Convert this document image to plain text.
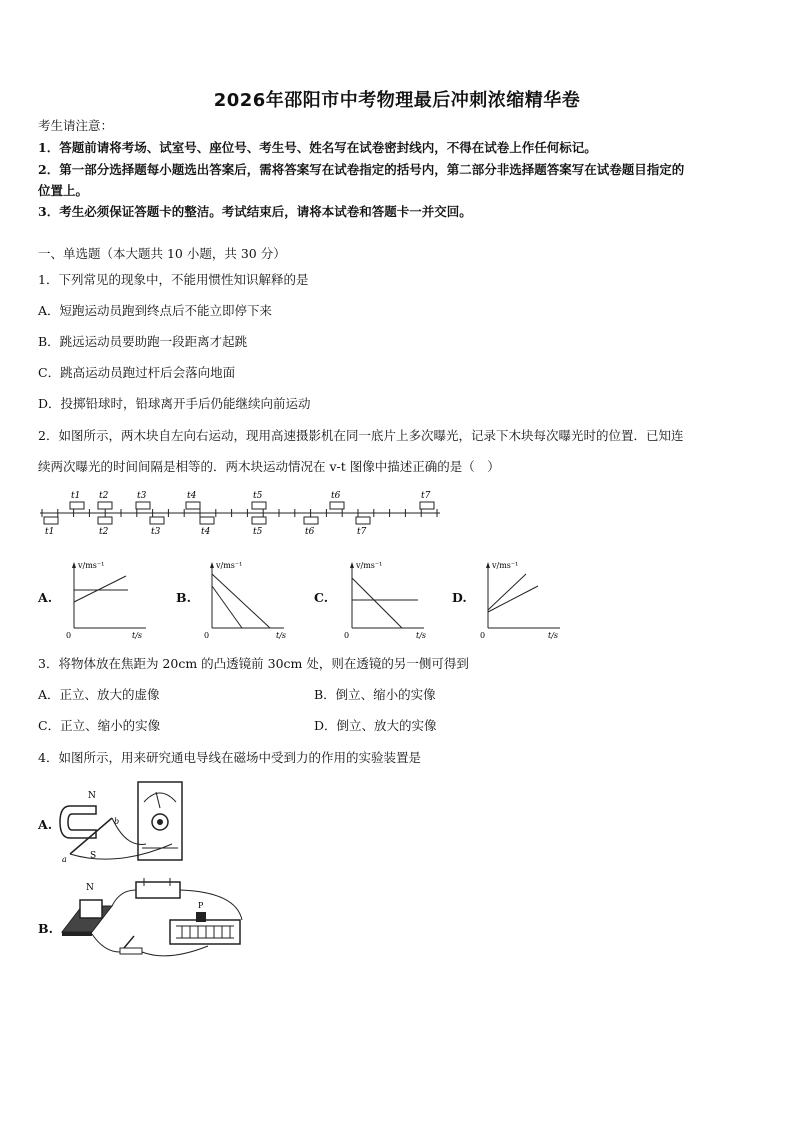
2026年邵阳市中考物理最后冲刺浓缩精华卷
考生请注意：
1．答题前请将考场、试室号、座位号、考生号、姓名写在试卷密封线内，不得在试卷上作任何标记。
2．第一部分选择题每小题选出答案后，需将答案写在试卷指定的括号内，第二部分非选择题答案写在试卷题目指定的
位置上。
3．考生必须保证答题卡的整洁。考试结束后，请将本试卷和答题卡一并交回。
一、单选题（本大题共 10 小题，共 30 分）
1．下列常见的现象中，不能用惯性知识解释的是
A．短跑运动员跑到终点后不能立即停下来
B．跳远运动员要助跑一段距离才起跳
C．跳高运动员跑过杆后会落向地面
D．投掷铅球时，铅球离开手后仍能继续向前运动
2．如图所示，两木块自左向右运动，现用高速摄影机在同一底片上多次曝光，记录下木块每次曝光时的位置．已知连
续两次曝光的时间间隔是相等的．两木块运动情况在 v-t 图像中描述正确的是（　）
t1 t2	t3	t4	t5	t6	t7
t1	t2	t3	t4	t5	t6	t7
A.	B.	C.	D.
v/ms⁻¹
0	t/s
v/ms⁻¹
0	t/s
v/ms⁻¹
0	t/s
v/ms⁻¹
0	t/s
3．将物体放在焦距为 20cm 的凸透镜前 30cm 处，则在透镜的另一侧可得到
A．正立、放大的虚像	B．倒立、缩小的实像
C．正立、缩小的实像	D．倒立、放大的实像
4．如图所示，用来研究通电导线在磁场中受到力的作用的实验装置是
A.
N
S
a
b
B.
N
P
